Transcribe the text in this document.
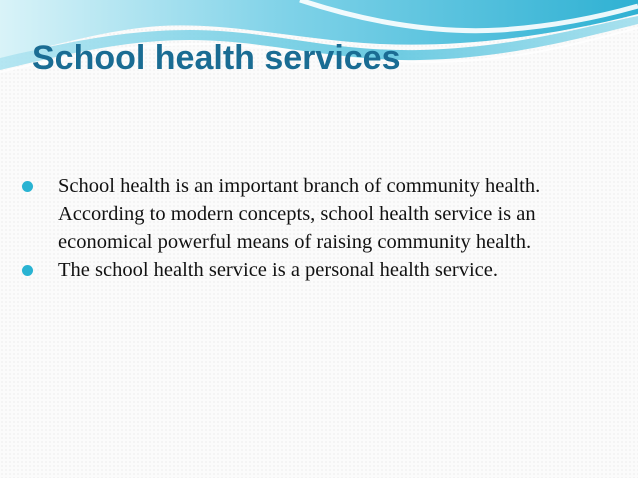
School health services
School health is an important branch of community health. According to modern concepts, school health service is an economical powerful means of raising community health.
The school health service is a personal health service.
